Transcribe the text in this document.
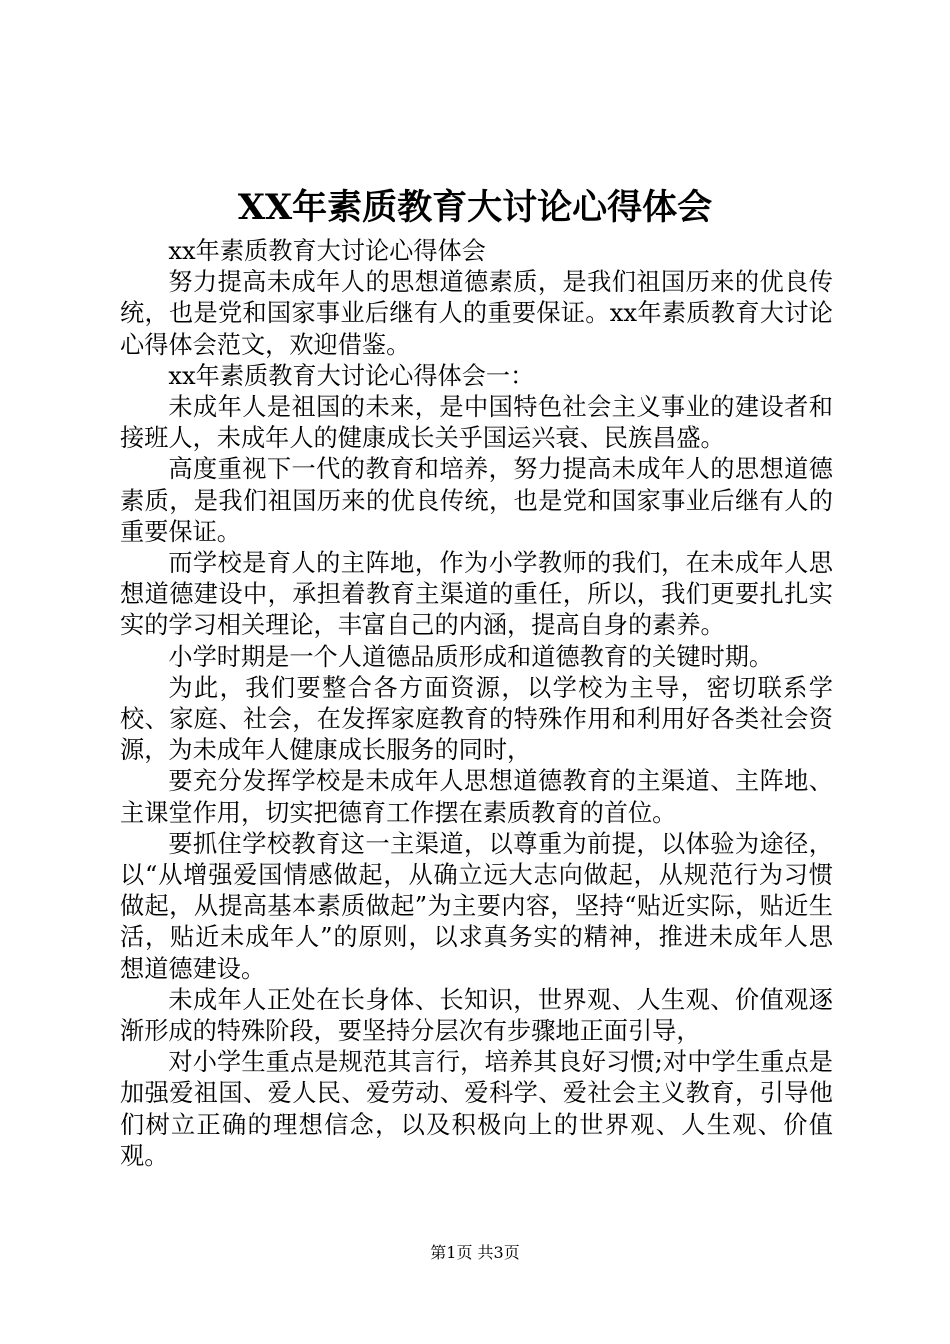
XX年素质教育大讨论心得体会

xx年素质教育大讨论心得体会

努力提高未成年人的思想道德素质，是我们祖国历来的优良传统，也是党和国家事业后继有人的重要保证。xx年素质教育大讨论心得体会范文，欢迎借鉴。

xx年素质教育大讨论心得体会一：

未成年人是祖国的未来，是中国特色社会主义事业的建设者和接班人，未成年人的健康成长关乎国运兴衰、民族昌盛。

高度重视下一代的教育和培养，努力提高未成年人的思想道德素质，是我们祖国历来的优良传统，也是党和国家事业后继有人的重要保证。

而学校是育人的主阵地，作为小学教师的我们，在未成年人思想道德建设中，承担着教育主渠道的重任，所以，我们更要扎扎实实的学习相关理论，丰富自己的内涵，提高自身的素养。

小学时期是一个人道德品质形成和道德教育的关键时期。

为此，我们要整合各方面资源，以学校为主导，密切联系学校、家庭、社会，在发挥家庭教育的特殊作用和利用好各类社会资源，为未成年人健康成长服务的同时，

要充分发挥学校是未成年人思想道德教育的主渠道、主阵地、主课堂作用，切实把德育工作摆在素质教育的首位。

要抓住学校教育这一主渠道，以尊重为前提，以体验为途径，以“从增强爱国情感做起，从确立远大志向做起，从规范行为习惯做起，从提高基本素质做起”为主要内容，坚持“贴近实际，贴近生活，贴近未成年人”的原则，以求真务实的精神，推进未成年人思想道德建设。

未成年人正处在长身体、长知识，世界观、人生观、价值观逐渐形成的特殊阶段，要坚持分层次有步骤地正面引导，

对小学生重点是规范其言行，培养其良好习惯;对中学生重点是加强爱祖国、爱人民、爱劳动、爱科学、爱社会主义教育，引导他们树立正确的理想信念，以及积极向上的世界观、人生观、价值观。

第1页 共3页
